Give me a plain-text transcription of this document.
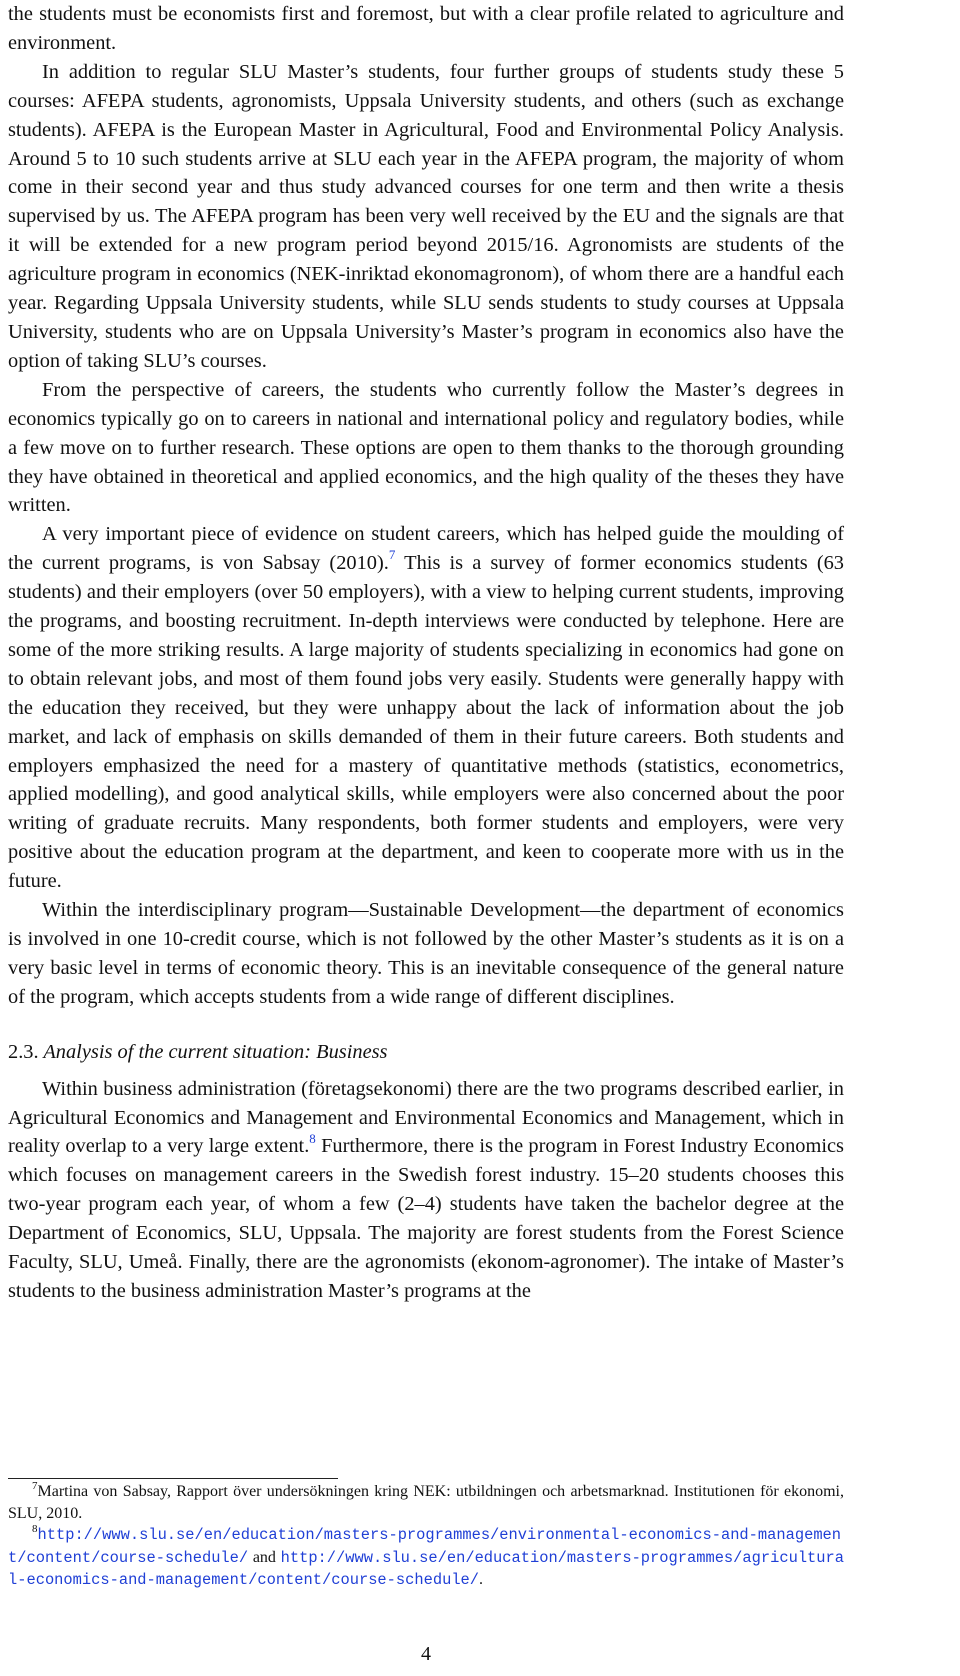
the students must be economists first and foremost, but with a clear profile related to agriculture and environment.

In addition to regular SLU Master’s students, four further groups of students study these 5 courses: AFEPA students, agronomists, Uppsala University students, and others (such as exchange students). AFEPA is the European Master in Agricultural, Food and Environmental Policy Analysis. Around 5 to 10 such students arrive at SLU each year in the AFEPA program, the majority of whom come in their second year and thus study advanced courses for one term and then write a thesis supervised by us. The AFEPA program has been very well received by the EU and the signals are that it will be extended for a new program period beyond 2015/16. Agronomists are students of the agriculture program in economics (NEK-inriktad ekonomagronom), of whom there are a handful each year. Regarding Uppsala University students, while SLU sends students to study courses at Uppsala University, students who are on Uppsala University’s Master’s program in economics also have the option of taking SLU’s courses.

From the perspective of careers, the students who currently follow the Master’s degrees in economics typically go on to careers in national and international policy and regulatory bodies, while a few move on to further research. These options are open to them thanks to the thorough grounding they have obtained in theoretical and applied economics, and the high quality of the theses they have written.

A very important piece of evidence on student careers, which has helped guide the moulding of the current programs, is von Sabsay (2010).$^7$ This is a survey of former economics students (63 students) and their employers (over 50 employers), with a view to helping current students, improving the programs, and boosting recruitment. In-depth interviews were conducted by telephone. Here are some of the more striking results. A large majority of students specializing in economics had gone on to obtain relevant jobs, and most of them found jobs very easily. Students were generally happy with the education they received, but they were unhappy about the lack of information about the job market, and lack of emphasis on skills demanded of them in their future careers. Both students and employers emphasized the need for a mastery of quantitative methods (statistics, econometrics, applied modelling), and good analytical skills, while employers were also concerned about the poor writing of graduate recruits. Many respondents, both former students and employers, were very positive about the education program at the department, and keen to cooperate more with us in the future.

Within the interdisciplinary program—Sustainable Development—the department of economics is involved in one 10-credit course, which is not followed by the other Master’s students as it is on a very basic level in terms of economic theory. This is an inevitable consequence of the general nature of the program, which accepts students from a wide range of different disciplines.

2.3. Analysis of the current situation: Business

Within business administration (företagsekonomi) there are the two programs described earlier, in Agricultural Economics and Management and Environmental Economics and Management, which in reality overlap to a very large extent.$^8$ Furthermore, there is the program in Forest Industry Economics which focuses on management careers in the Swedish forest industry. 15–20 students chooses this two-year program each year, of whom a few (2–4) students have taken the bachelor degree at the Department of Economics, SLU, Uppsala. The majority are forest students from the Forest Science Faculty, SLU, Umeå. Finally, there are the agronomists (ekonom-agronomer). The intake of Master’s students to the business administration Master’s programs at the

$^7$Martina von Sabsay, Rapport över undersökningen kring NEK: utbildningen och arbetsmarknad. Institutionen för ekonomi, SLU, 2010.

$^8$http://www.slu.se/en/education/masters-programmes/environmental-economics-and-management/content/course-schedule/ and http://www.slu.se/en/education/masters-programmes/agricultural-economics-and-management/content/course-schedule/.

4
